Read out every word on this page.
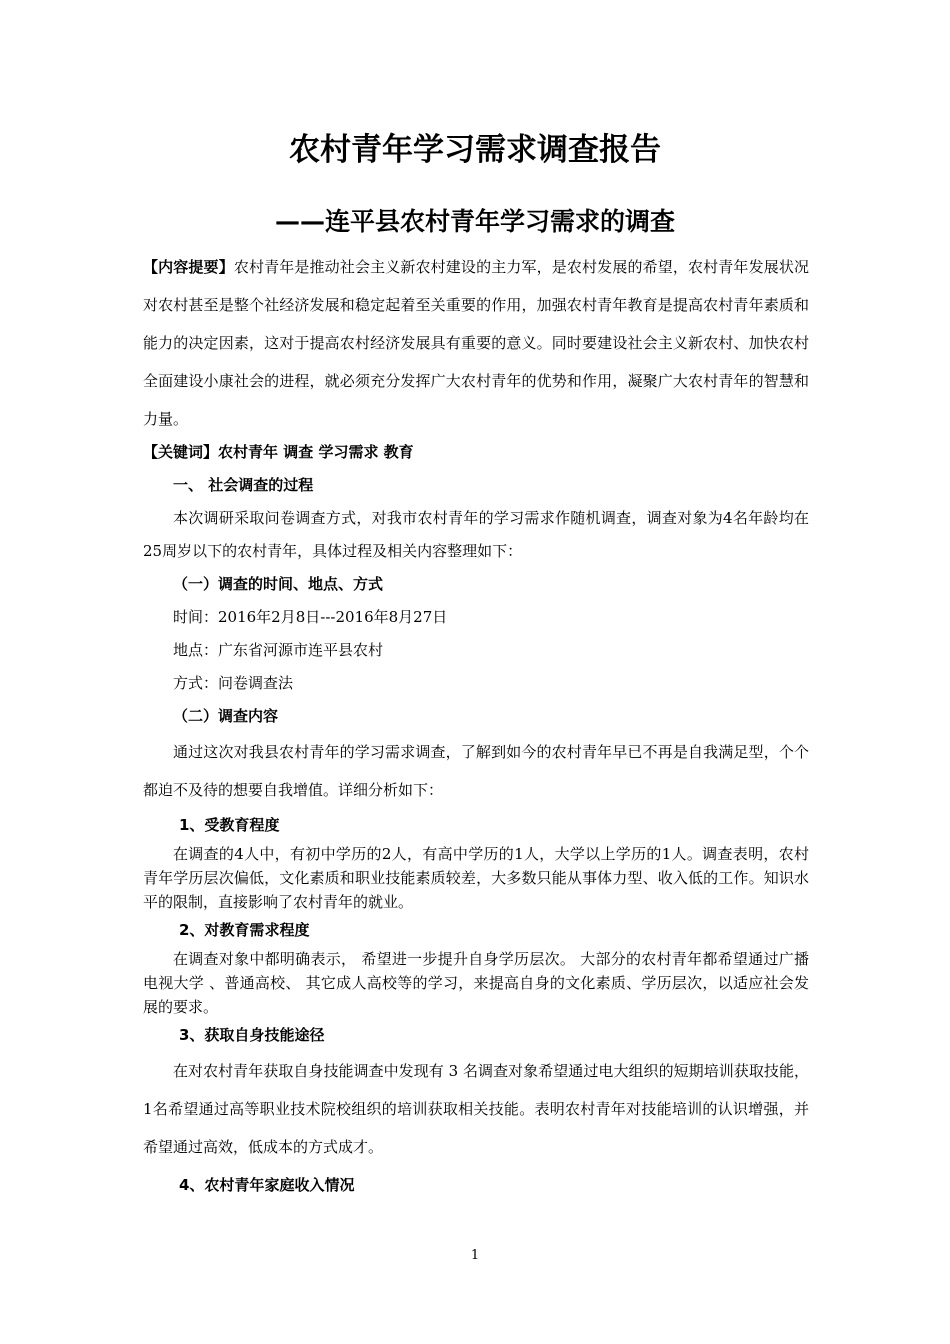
农村青年学习需求调查报告
——连平县农村青年学习需求的调查

【内容提要】农村青年是推动社会主义新农村建设的主力军，是农村发展的希望，农村青年发展状况对农村甚至是整个社经济发展和稳定起着至关重要的作用，加强农村青年教育是提高农村青年素质和能力的决定因素，这对于提高农村经济发展具有重要的意义。同时要建设社会主义新农村、加快农村全面建设小康社会的进程，就必须充分发挥广大农村青年的优势和作用，凝聚广大农村青年的智慧和力量。

【关键词】农村青年 调查 学习需求 教育

一、 社会调查的过程

本次调研采取问卷调查方式，对我市农村青年的学习需求作随机调查，调查对象为4名年龄均在25周岁以下的农村青年，具体过程及相关内容整理如下：

（一）调查的时间、地点、方式

时间：2016年2月8日---2016年8月27日

地点：广东省河源市连平县农村

方式：问卷调查法

（二）调查内容

通过这次对我县农村青年的学习需求调查，了解到如今的农村青年早已不再是自我满足型，个个都迫不及待的想要自我增值。详细分析如下：

1、受教育程度

在调查的4人中，有初中学历的2人，有高中学历的1人，大学以上学历的1人。调查表明，农村青年学历层次偏低，文化素质和职业技能素质较差，大多数只能从事体力型、收入低的工作。知识水平的限制，直接影响了农村青年的就业。

2、对教育需求程度

在调查对象中都明确表示， 希望进一步提升自身学历层次。 大部分的农村青年都希望通过广播电视大学 、普通高校、 其它成人高校等的学习，来提高自身的文化素质、学历层次，以适应社会发展的要求。

3、获取自身技能途径

在对农村青年获取自身技能调查中发现有 3 名调查对象希望通过电大组织的短期培训获取技能，1名希望通过高等职业技术院校组织的培训获取相关技能。表明农村青年对技能培训的认识增强，并希望通过高效，低成本的方式成才。

4、农村青年家庭收入情况

1
